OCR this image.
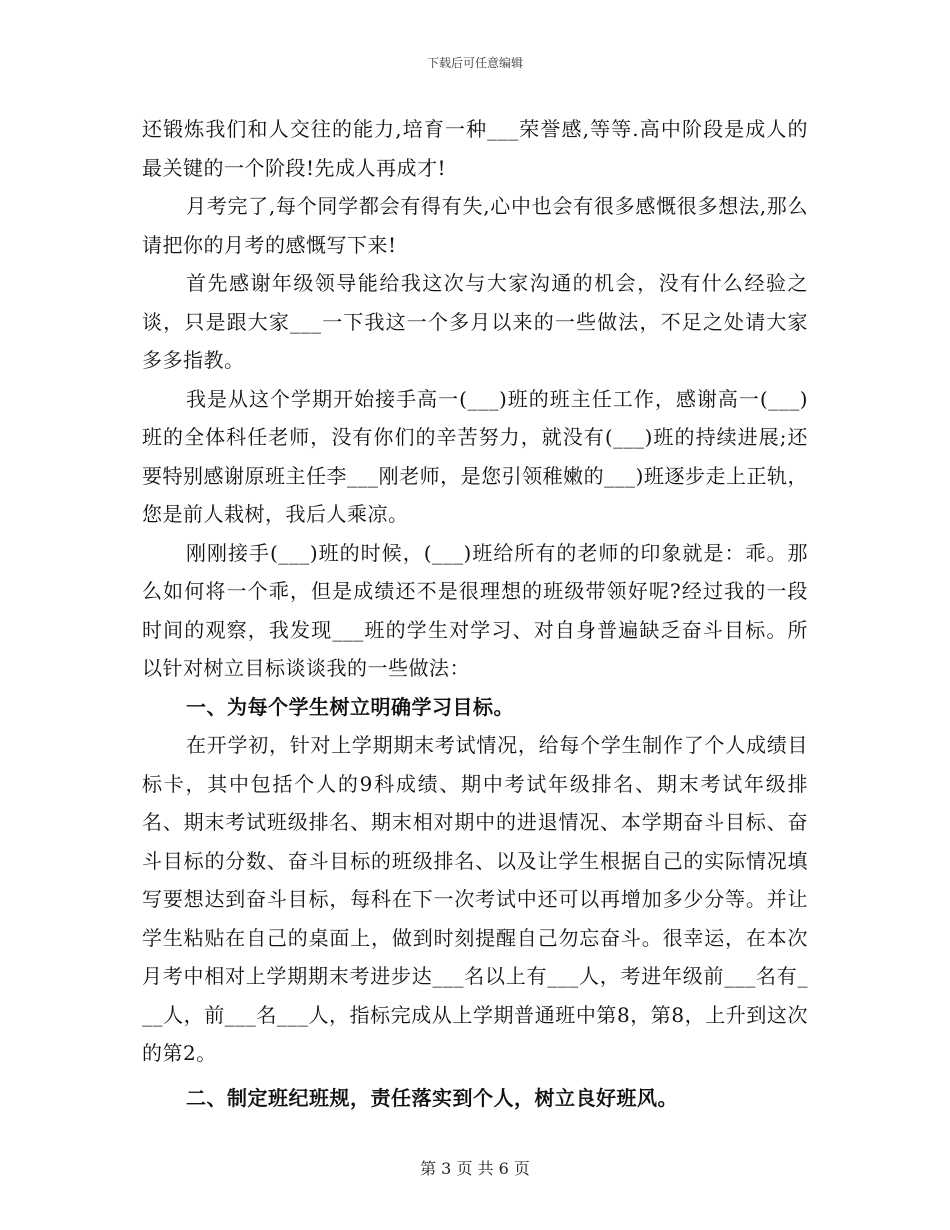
下载后可任意编辑

还锻炼我们和人交往的能力,培育一种___荣誉感,等等.高中阶段是成人的最关键的一个阶段!先成人再成才!

月考完了,每个同学都会有得有失,心中也会有很多感慨很多想法,那么请把你的月考的感慨写下来!

首先感谢年级领导能给我这次与大家沟通的机会，没有什么经验之谈，只是跟大家___一下我这一个多月以来的一些做法，不足之处请大家多多指教。

我是从这个学期开始接手高一(___)班的班主任工作，感谢高一(___)班的全体科任老师，没有你们的辛苦努力，就没有(___)班的持续进展;还要特别感谢原班主任李___刚老师，是您引领稚嫩的___)班逐步走上正轨，您是前人栽树，我后人乘凉。

刚刚接手(___)班的时候，(___)班给所有的老师的印象就是：乖。那么如何将一个乖，但是成绩还不是很理想的班级带领好呢?经过我的一段时间的观察，我发现___班的学生对学习、对自身普遍缺乏奋斗目标。所以针对树立目标谈谈我的一些做法：

一、为每个学生树立明确学习目标。

在开学初，针对上学期期末考试情况，给每个学生制作了个人成绩目标卡，其中包括个人的9科成绩、期中考试年级排名、期末考试年级排名、期末考试班级排名、期末相对期中的进退情况、本学期奋斗目标、奋斗目标的分数、奋斗目标的班级排名、以及让学生根据自己的实际情况填写要想达到奋斗目标，每科在下一次考试中还可以再增加多少分等。并让学生粘贴在自己的桌面上，做到时刻提醒自己勿忘奋斗。很幸运，在本次月考中相对上学期期末考进步达___名以上有___人，考进年级前___名有___人，前___名___人，指标完成从上学期普通班中第8，第8，上升到这次的第2。

二、制定班纪班规，责任落实到个人，树立良好班风。

第 3 页 共 6 页
